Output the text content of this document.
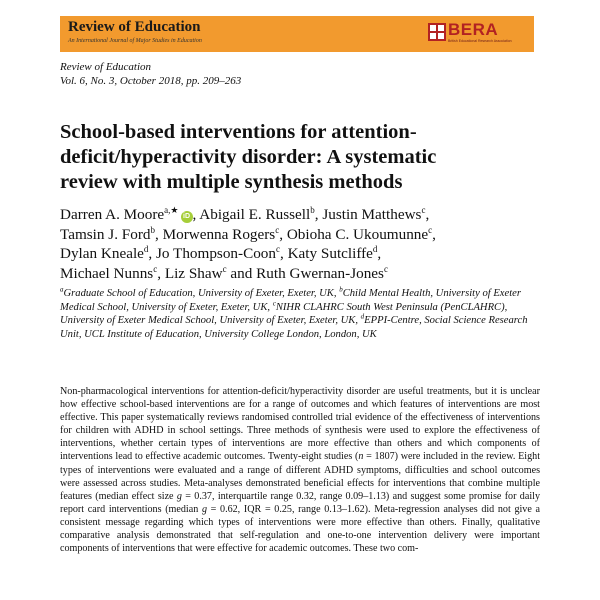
Review of Education
An International Journal of Major Studies in Education
BERA
British Educational Research Association
Review of Education
Vol. 6, No. 3, October 2018, pp. 209–263
School-based interventions for attention-
deficit/hyperactivity disorder: A systematic
review with multiple synthesis methods
Darren A. Moore$^{a,★}$iD , Abigail E. Russell$^b$, Justin Matthews$^c$,
Tamsin J. Ford$^b$, Morwenna Rogers$^c$, Obioha C. Ukoumunne$^c$,
Dylan Kneale$^d$, Jo Thompson-Coon$^c$, Katy Sutcliffe$^d$,
Michael Nunns$^c$, Liz Shaw$^c$ and Ruth Gwernan-Jones$^c$
$^a$Graduate School of Education, University of Exeter, Exeter, UK, $^b$Child Mental Health, University of Exeter Medical School, University of Exeter, Exeter, UK, $^c$NIHR CLAHRC South West Peninsula (PenCLAHRC), University of Exeter Medical School, University of Exeter, Exeter, UK, $^d$EPPI-Centre, Social Science Research Unit, UCL Institute of Education, University College London, London, UK

Non-pharmacological interventions for attention-deficit/hyperactivity disorder are useful treatments, but it is unclear how effective school-based interventions are for a range of outcomes and which features of interventions are most effective. This paper systematically reviews randomised controlled trial evidence of the effectiveness of interventions for children with ADHD in school settings. Three methods of synthesis were used to explore the effectiveness of interventions, whether certain types of interventions are more effective than others and which components of interventions lead to effective academic outcomes. Twenty-eight studies (n = 1807) were included in the review. Eight types of interventions were evaluated and a range of different ADHD symptoms, difficulties and school outcomes were assessed across studies. Meta-analyses demonstrated beneficial effects for interventions that combine multiple features (median effect size g = 0.37, interquartile range 0.32, range 0.09–1.13) and suggest some promise for daily report card interventions (median g = 0.62, IQR = 0.25, range 0.13–1.62). Meta-regression analyses did not give a consistent message regarding which types of interventions were more effective than others. Finally, qualitative comparative analysis demonstrated that self-regulation and one-to-one intervention delivery were important components of interventions that were effective for academic outcomes. These two com-
